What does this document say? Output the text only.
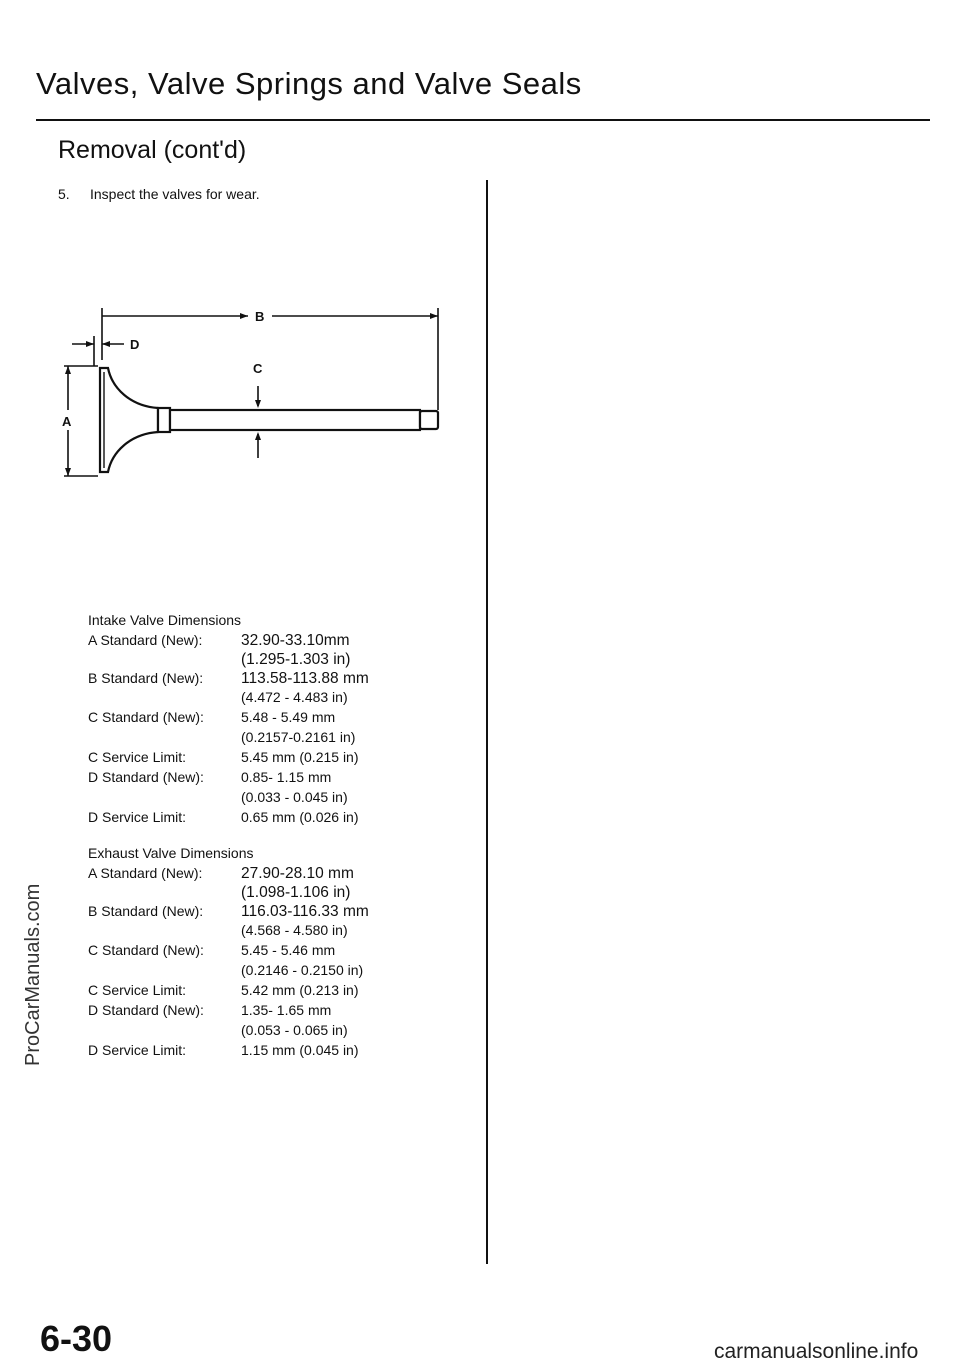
Valves, Valve Springs and Valve Seals
Removal (cont'd)
5. Inspect the valves for wear.
B
D
C
A
Intake Valve Dimensions
A Standard (New): 32.90-33.10mm
(1.295-1.303 in)
B Standard (New): 113.58-113.88 mm
(4.472 - 4.483 in)
C Standard (New):	5.48 - 5.49 mm
(0.2157-0.2161 in)
C Service Limit:	5.45 mm (0.215 in)
D Standard (New):	0.85- 1.15 mm
(0.033 - 0.045 in)
D Service Limit:	0.65 mm (0.026 in)
Exhaust Valve Dimensions
A Standard (New): 27.90-28.10 mm
(1.098-1.106 in)
B Standard (New): 116.03-116.33 mm
(4.568 - 4.580 in)
C Standard (New):	5.45 - 5.46 mm
(0.2146 - 0.2150 in)
C Service Limit:	5.42 mm (0.213 in)
D Standard (New):	1.35- 1.65 mm
(0.053 - 0.065 in)
D Service Limit:	1.15 mm (0.045 in)
ProCarManuals.com
6-30	carmanualsonline.info
